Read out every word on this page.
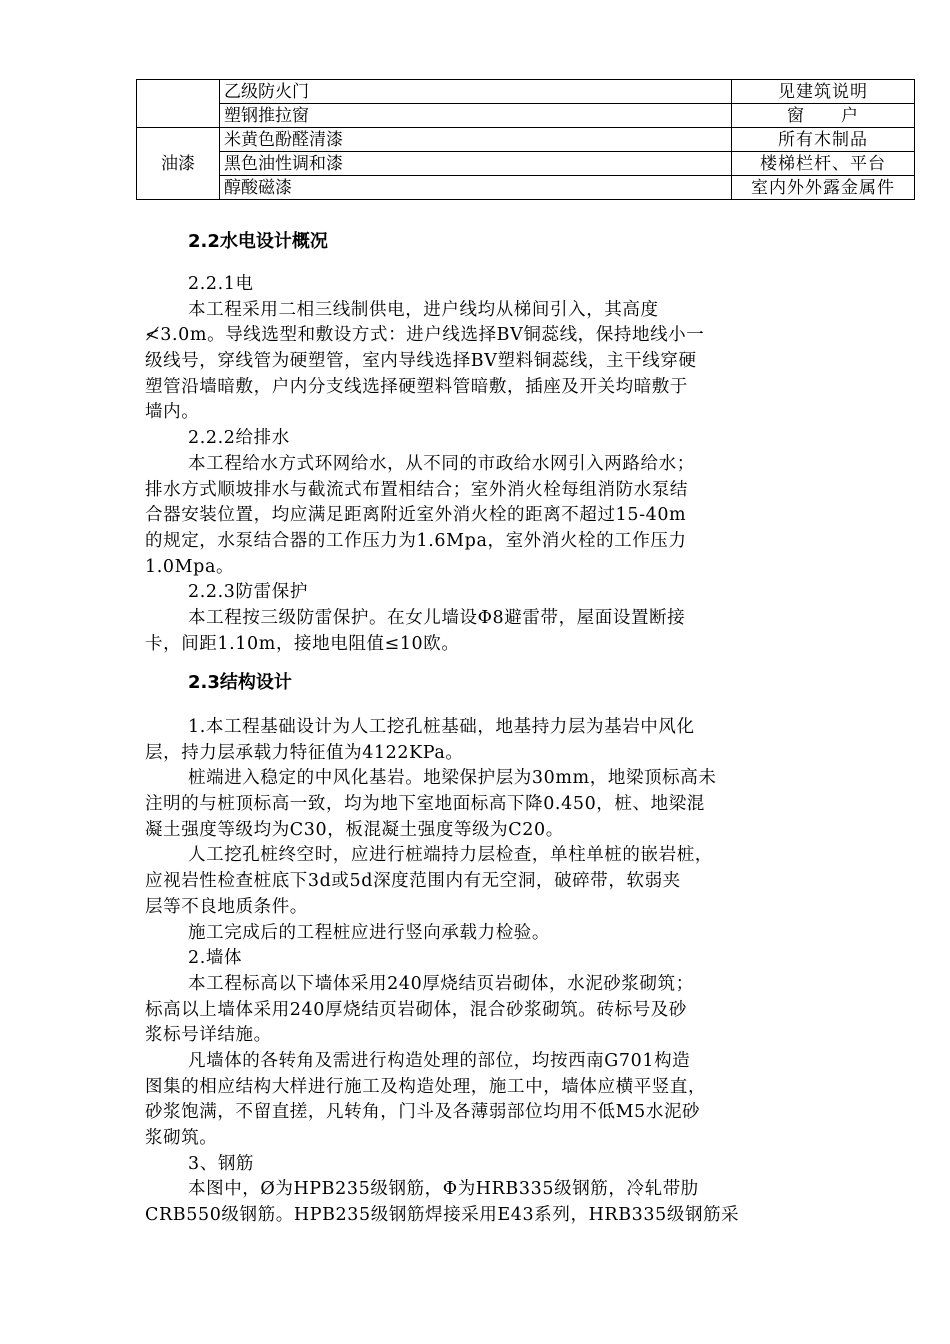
	乙级防火门	见建筑说明
	塑钢推拉窗	窗　　户
油漆	米黄色酚醛清漆	所有木制品
	黑色油性调和漆	楼梯栏杆、平台
	醇酸磁漆	室内外外露金属件
2.2水电设计概况
2.2.1电
本工程采用二相三线制供电，进户线均从梯间引入，其高度
≮3.0m。导线选型和敷设方式：进户线选择BV铜蕊线，保持地线小一
级线号，穿线管为硬塑管，室内导线选择BV塑料铜蕊线，主干线穿硬
塑管沿墙暗敷，户内分支线选择硬塑料管暗敷，插座及开关均暗敷于
墙内。
2.2.2给排水
本工程给水方式环网给水，从不同的市政给水网引入两路给水；
排水方式顺坡排水与截流式布置相结合；室外消火栓每组消防水泵结
合器安装位置，均应满足距离附近室外消火栓的距离不超过15-40m
的规定，水泵结合器的工作压力为1.6Mpa，室外消火栓的工作压力
1.0Mpa。
2.2.3防雷保护
本工程按三级防雷保护。在女儿墙设Φ8避雷带，屋面设置断接
卡，间距1.10m，接地电阻值≤10欧。
2.3结构设计
1.本工程基础设计为人工挖孔桩基础，地基持力层为基岩中风化
层，持力层承载力特征值为4122KPa。
桩端进入稳定的中风化基岩。地梁保护层为30mm，地梁顶标高未
注明的与桩顶标高一致，均为地下室地面标高下降0.450，桩、地梁混
凝土强度等级均为C30，板混凝土强度等级为C20。
人工挖孔桩终空时，应进行桩端持力层检查，单柱单桩的嵌岩桩，
应视岩性检查桩底下3d或5d深度范围内有无空洞，破碎带，软弱夹
层等不良地质条件。
施工完成后的工程桩应进行竖向承载力检验。
2.墙体
本工程标高以下墙体采用240厚烧结页岩砌体，水泥砂浆砌筑；
标高以上墙体采用240厚烧结页岩砌体，混合砂浆砌筑。砖标号及砂
浆标号详结施。
凡墙体的各转角及需进行构造处理的部位，均按西南G701构造
图集的相应结构大样进行施工及构造处理，施工中，墙体应横平竖直，
砂浆饱满，不留直搓，凡转角，门斗及各薄弱部位均用不低M5水泥砂
浆砌筑。
3、钢筋
本图中，Ø为HPB235级钢筋，Φ为HRB335级钢筋，冷轧带肋
CRB550级钢筋。HPB235级钢筋焊接采用E43系列，HRB335级钢筋采
